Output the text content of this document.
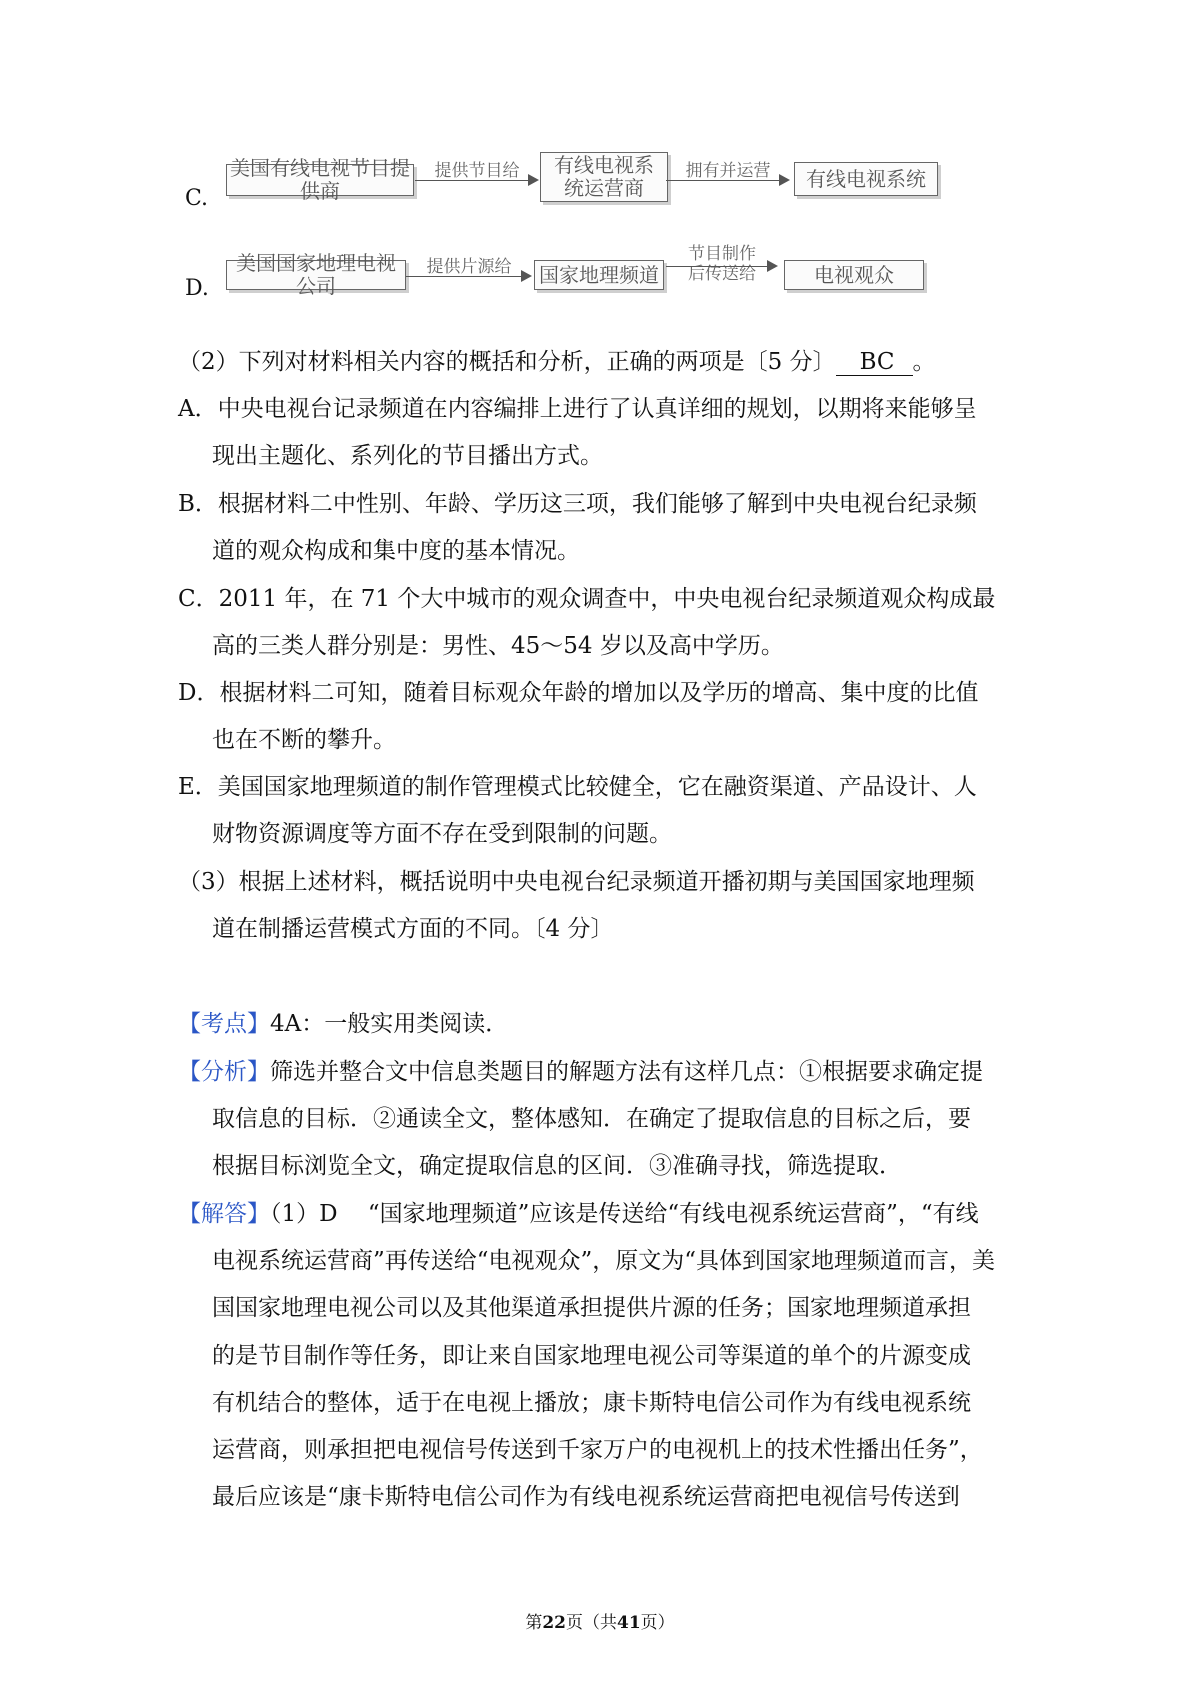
C.
美国有线电视节目提供商
提供节目给	有线电视系统运营商
拥有并运营	有线电视系统
D.
美国国家地理电视公司
提供片源给	国家地理频道
节目制作后传送给	电视观众
（2）下列对材料相关内容的概括和分析，正确的两项是〔5 分〕 BC 。
A．中央电视台记录频道在内容编排上进行了认真详细的规划，以期将来能够呈
现出主题化、系列化的节目播出方式。
B．根据材料二中性别、年龄、学历这三项，我们能够了解到中央电视台纪录频
道的观众构成和集中度的基本情况。
C．2011 年，在 71 个大中城市的观众调查中，中央电视台纪录频道观众构成最
高的三类人群分别是：男性、45～54 岁以及高中学历。
D．根据材料二可知，随着目标观众年龄的增加以及学历的增高、集中度的比值
也在不断的攀升。
E．美国国家地理频道的制作管理模式比较健全，它在融资渠道、产品设计、人
财物资源调度等方面不存在受到限制的问题。
（3）根据上述材料，概括说明中央电视台纪录频道开播初期与美国国家地理频
道在制播运营模式方面的不同。〔4 分〕
【考点】4A：一般实用类阅读．
【分析】筛选并整合文中信息类题目的解题方法有这样几点：①根据要求确定提
取信息的目标．②通读全文，整体感知．在确定了提取信息的目标之后，要
根据目标浏览全文，确定提取信息的区间．③准确寻找，筛选提取．
【解答】（1）D　 “国家地理频道”应该是传送给“有线电视系统运营商”，“有线
电视系统运营商”再传送给“电视观众”，原文为“具体到国家地理频道而言，美
国国家地理电视公司以及其他渠道承担提供片源的任务；国家地理频道承担
的是节目制作等任务，即让来自国家地理电视公司等渠道的单个的片源变成
有机结合的整体，适于在电视上播放；康卡斯特电信公司作为有线电视系统
运营商，则承担把电视信号传送到千家万户的电视机上的技术性播出任务”，
最后应该是“康卡斯特电信公司作为有线电视系统运营商把电视信号传送到
第22页（共41页）
